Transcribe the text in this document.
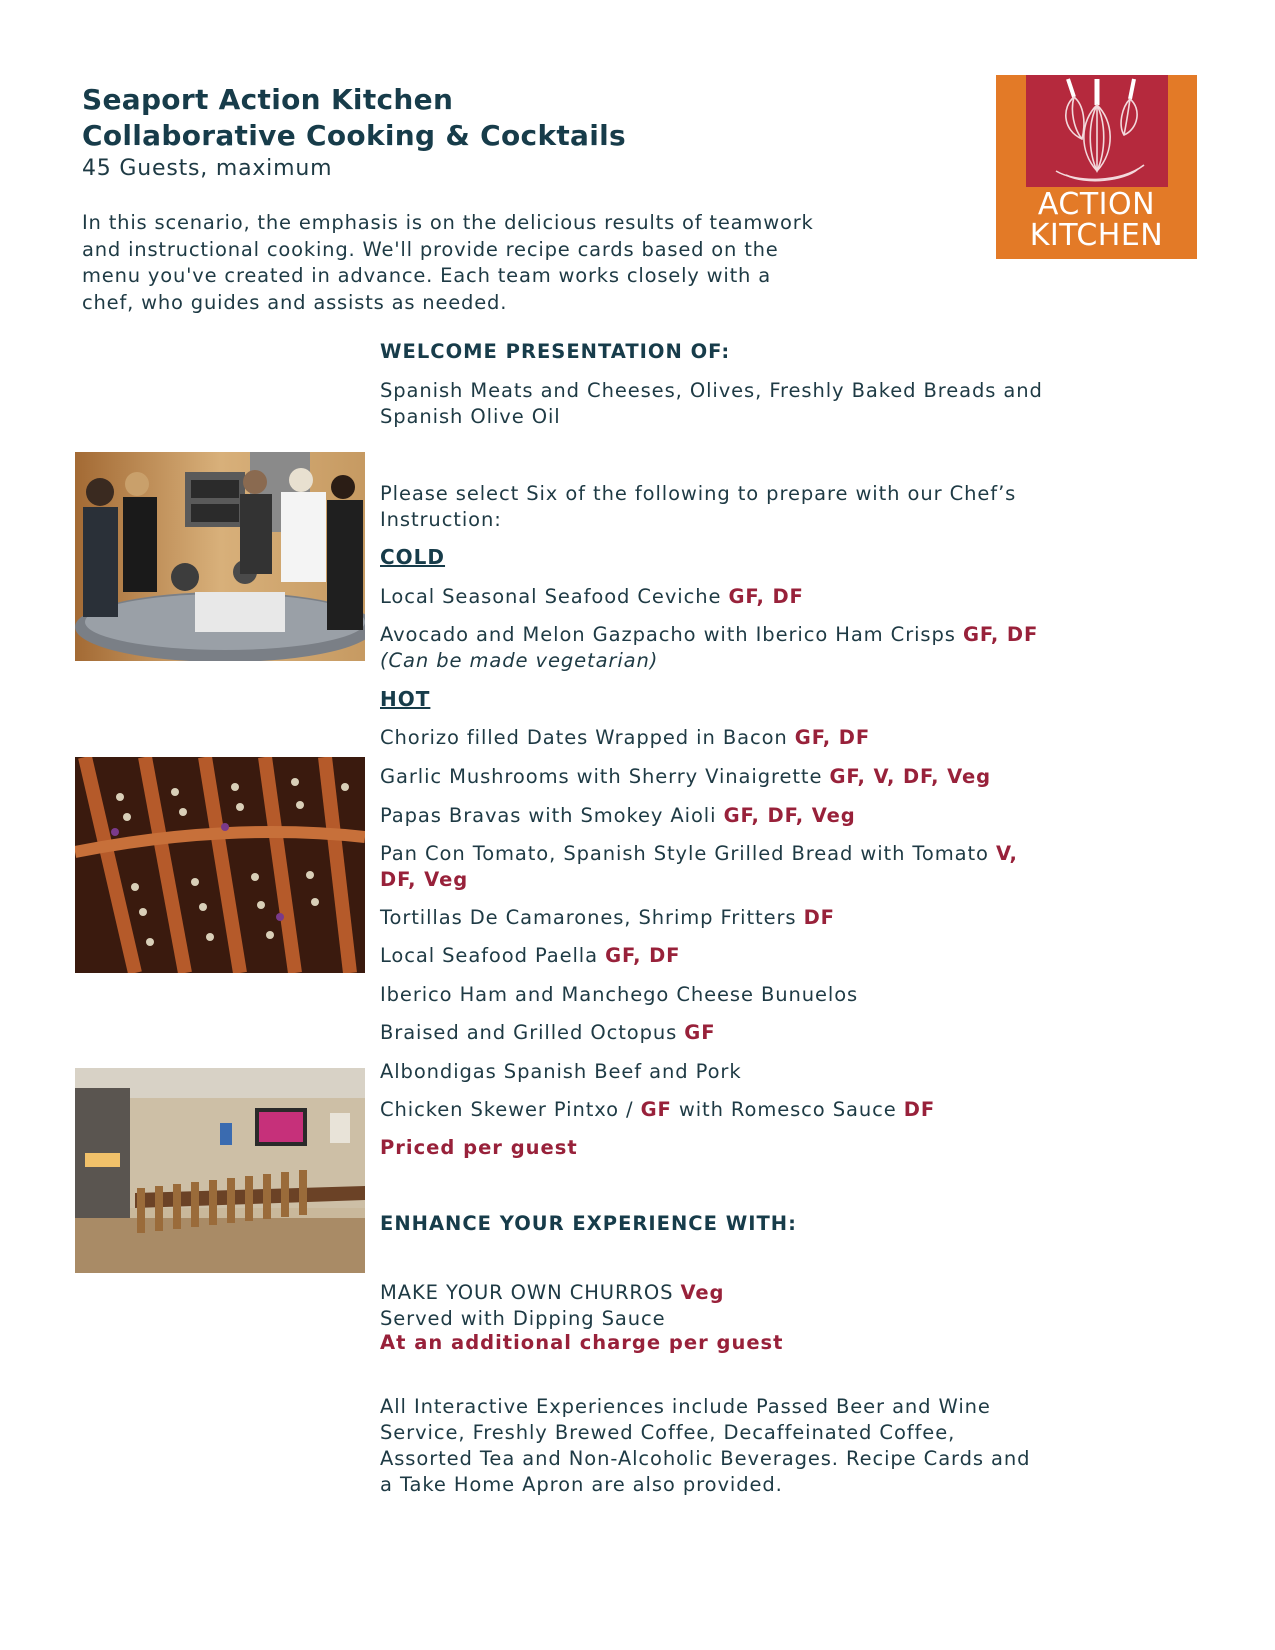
Seaport Action Kitchen
Collaborative Cooking & Cocktails
45 Guests, maximum
In this scenario, the emphasis is on the delicious results of teamwork
and instructional cooking. We'll provide recipe cards based on the
menu you've created in advance. Each team works closely with a
chef, who guides and assists as needed.
ACTION
KITCHEN
WELCOME PRESENTATION OF:
Spanish Meats and Cheeses, Olives, Freshly Baked Breads and
Spanish Olive Oil
Please select Six of the following to prepare with our Chef’s
Instruction:
COLD
Local Seasonal Seafood Ceviche GF, DF
Avocado and Melon Gazpacho with Iberico Ham Crisps GF, DF
(Can be made vegetarian)
HOT
Chorizo filled Dates Wrapped in Bacon GF, DF
Garlic Mushrooms with Sherry Vinaigrette GF, V, DF, Veg
Papas Bravas with Smokey Aioli GF, DF, Veg
Pan Con Tomato, Spanish Style Grilled Bread with Tomato V,
DF, Veg
Tortillas De Camarones, Shrimp Fritters DF
Local Seafood Paella GF, DF
Iberico Ham and Manchego Cheese Bunuelos
Braised and Grilled Octopus GF
Albondigas Spanish Beef and Pork
Chicken Skewer Pintxo / GF with Romesco Sauce DF
Priced per guest
ENHANCE YOUR EXPERIENCE WITH:
MAKE YOUR OWN CHURROS Veg
Served with Dipping Sauce
At an additional charge per guest
All Interactive Experiences include Passed Beer and Wine
Service, Freshly Brewed Coffee, Decaffeinated Coffee,
Assorted Tea and Non-Alcoholic Beverages. Recipe Cards and
a Take Home Apron are also provided.
